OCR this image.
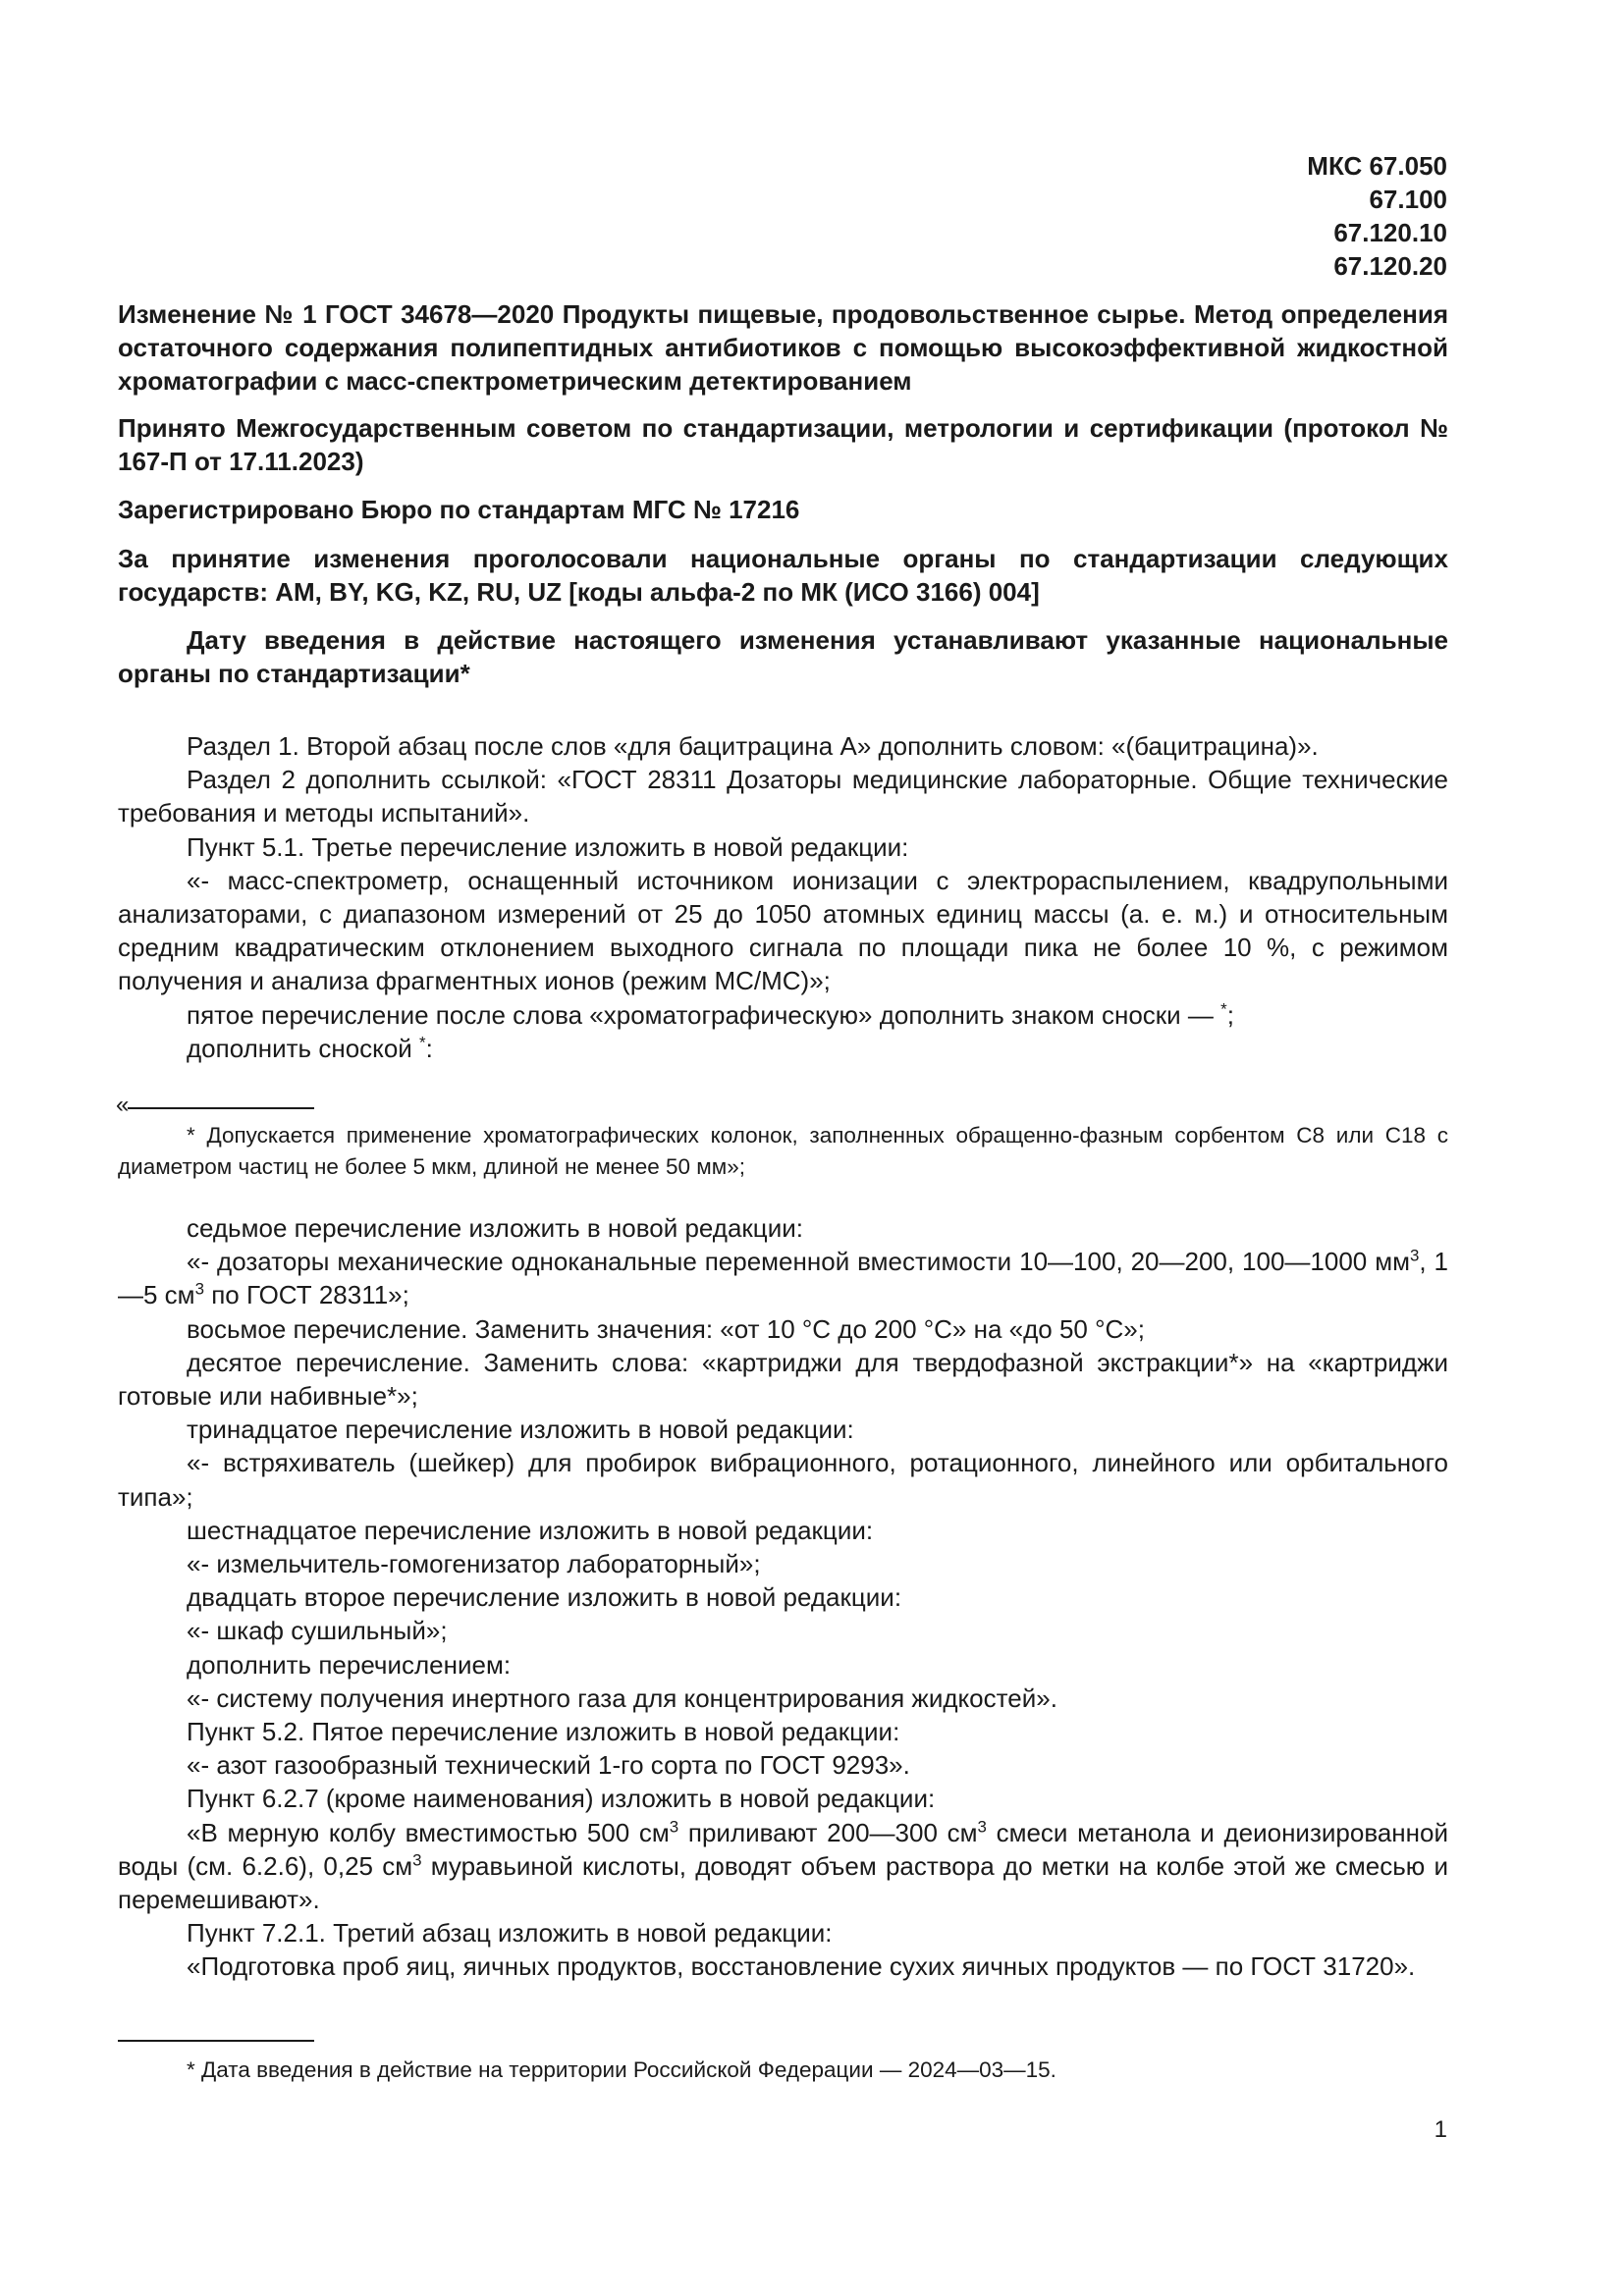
МКС 67.050
67.100
67.120.10
67.120.20
Изменение № 1 ГОСТ 34678—2020 Продукты пищевые, продовольственное сырье. Метод определения остаточного содержания полипептидных антибиотиков с помощью высокоэффективной жидкостной хроматографии с масс-спектрометрическим детектированием
Принято Межгосударственным советом по стандартизации, метрологии и сертификации (протокол № 167-П от 17.11.2023)
Зарегистрировано Бюро по стандартам МГС № 17216
За принятие изменения проголосовали национальные органы по стандартизации следующих государств: AM, BY, KG, KZ, RU, UZ [коды альфа-2 по МК (ИСО 3166) 004]
Дату введения в действие настоящего изменения устанавливают указанные национальные органы по стандартизации*

Раздел 1. Второй абзац после слов «для бацитрацина А» дополнить словом: «(бацитрацина)».

Раздел 2 дополнить ссылкой: «ГОСТ 28311 Дозаторы медицинские лабораторные. Общие технические требования и методы испытаний».

Пункт 5.1. Третье перечисление изложить в новой редакции:

«- масс-спектрометр, оснащенный источником ионизации с электрораспылением, квадрупольными анализаторами, с диапазоном измерений от 25 до 1050 атомных единиц массы (а. е. м.) и относительным средним квадратическим отклонением выходного сигнала по площади пика не более 10 %, с режимом получения и анализа фрагментных ионов (режим МС/МС)»;

пятое перечисление после слова «хроматографическую» дополнить знаком сноски — *;

дополнить сноской *:

«

* Допускается применение хроматографических колонок, заполненных обращенно-фазным сорбентом С8 или С18 с диаметром частиц не более 5 мкм, длиной не менее 50 мм»;

седьмое перечисление изложить в новой редакции:

«- дозаторы механические одноканальные переменной вместимости 10—100, 20—200, 100—1000 $мм^3$, 1—5 $см^3$ по ГОСТ 28311»;

восьмое перечисление. Заменить значения: «от 10 °С до 200 °С» на «до 50 °С»;

десятое перечисление. Заменить слова: «картриджи для твердофазной экстракции*» на «картриджи готовые или набивные*»;

тринадцатое перечисление изложить в новой редакции:

«- встряхиватель (шейкер) для пробирок вибрационного, ротационного, линейного или орбитального типа»;

шестнадцатое перечисление изложить в новой редакции:

«- измельчитель-гомогенизатор лабораторный»;

двадцать второе перечисление изложить в новой редакции:

«- шкаф сушильный»;

дополнить перечислением:

«- систему получения инертного газа для концентрирования жидкостей».

Пункт 5.2. Пятое перечисление изложить в новой редакции:

«- азот газообразный технический 1-го сорта по ГОСТ 9293».

Пункт 6.2.7 (кроме наименования) изложить в новой редакции:

«В мерную колбу вместимостью 500 $см^3$ приливают 200—300 $см^3$ смеси метанола и деионизированной воды (см. 6.2.6), 0,25 $см^3$ муравьиной кислоты, доводят объем раствора до метки на колбе этой же смесью и перемешивают».

Пункт 7.2.1. Третий абзац изложить в новой редакции:

«Подготовка проб яиц, яичных продуктов, восстановление сухих яичных продуктов — по ГОСТ 31720».

* Дата введения в действие на территории Российской Федерации — 2024—03—15.

1
